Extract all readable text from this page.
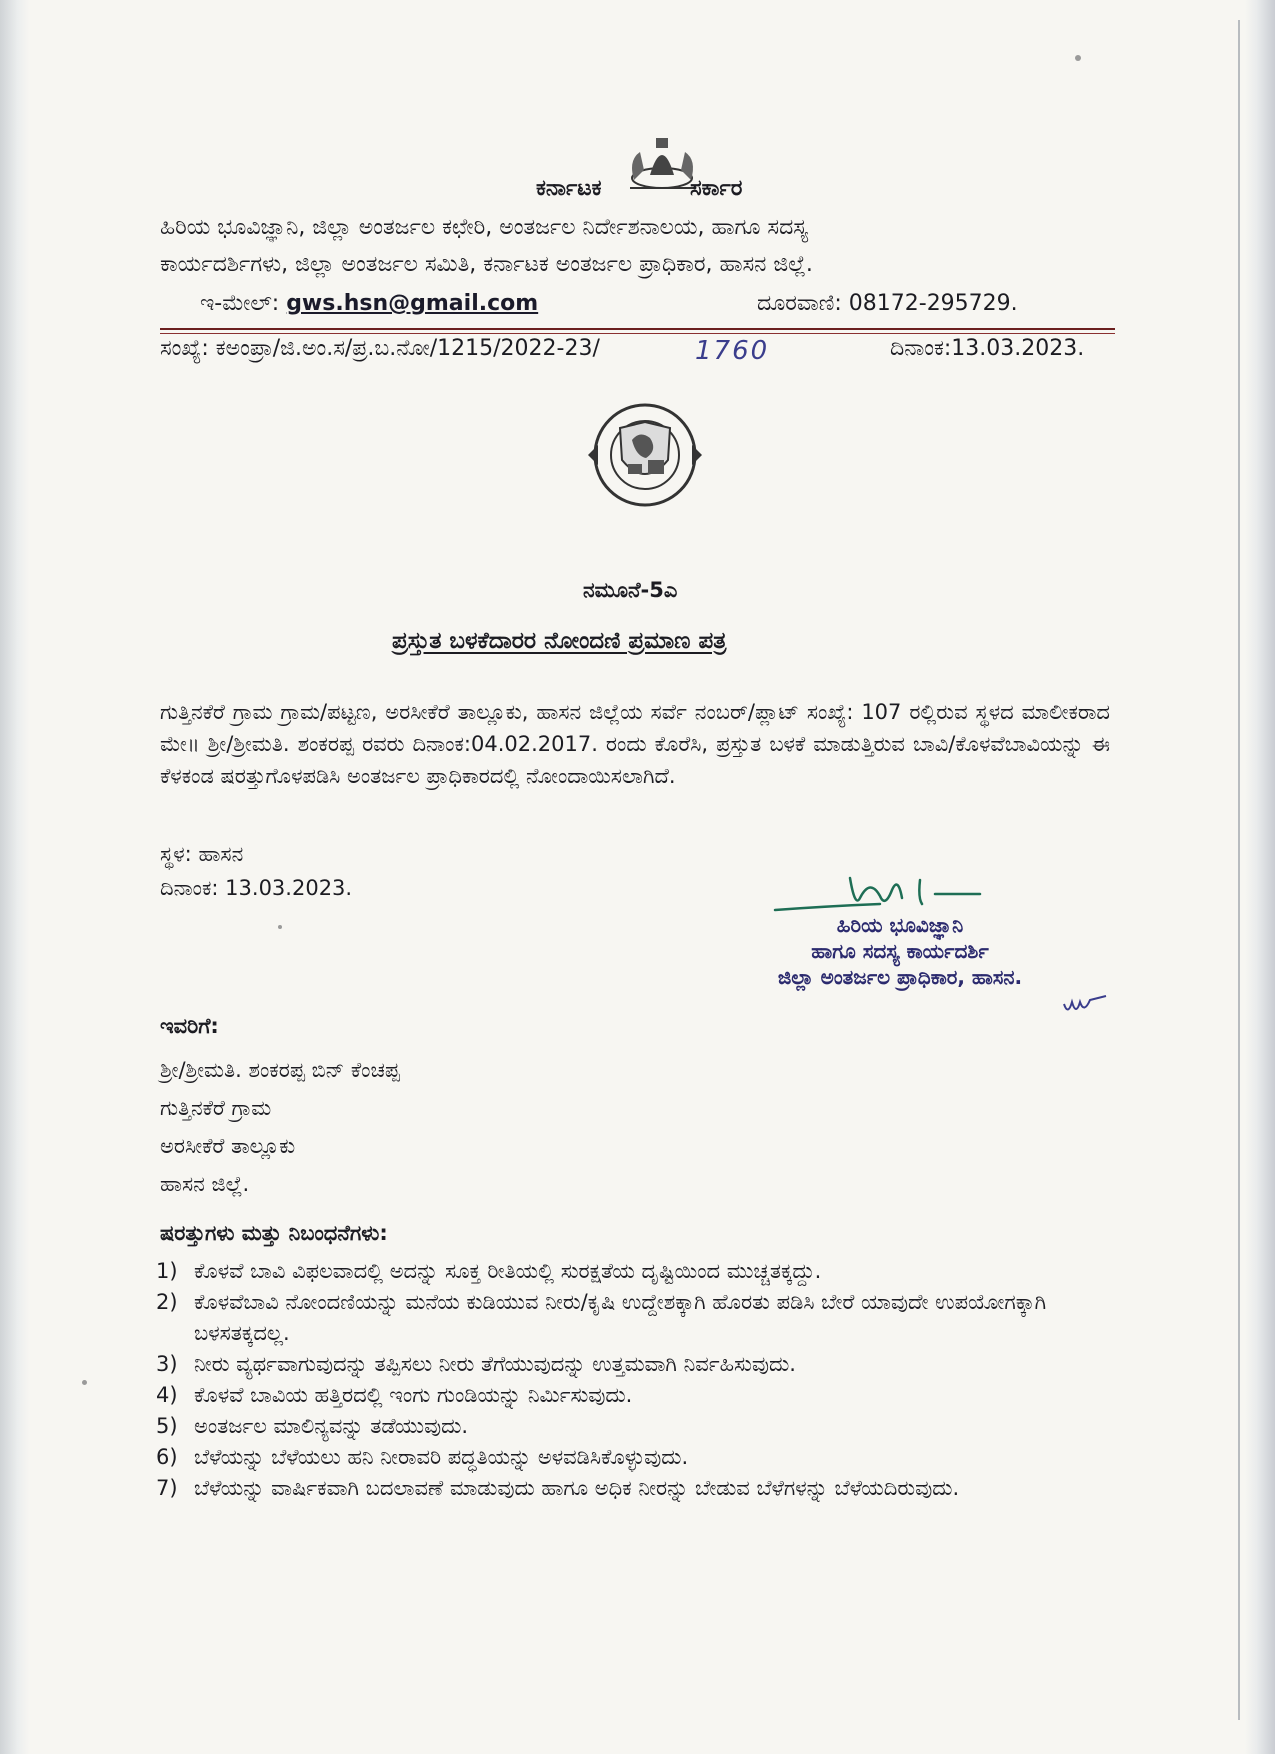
ಕರ್ನಾಟಕ	ಸರ್ಕಾರ
ಹಿರಿಯ ಭೂವಿಜ್ಞಾನಿ, ಜಿಲ್ಲಾ ಅಂತರ್ಜಲ ಕಛೇರಿ, ಅಂತರ್ಜಲ ನಿರ್ದೇಶನಾಲಯ, ಹಾಗೂ ಸದಸ್ಯ
ಕಾರ್ಯದರ್ಶಿಗಳು, ಜಿಲ್ಲಾ ಅಂತರ್ಜಲ ಸಮಿತಿ, ಕರ್ನಾಟಕ ಅಂತರ್ಜಲ ಪ್ರಾಧಿಕಾರ, ಹಾಸನ ಜಿಲ್ಲೆ.
ಇ-ಮೇಲ್: gws.hsn@gmail.com	ದೂರವಾಣಿ: 08172-295729.
ಸಂಖ್ಯೆ: ಕಅಂಪ್ರಾ/ಜಿ.ಅಂ.ಸ/ಪ್ರ.ಬ.ನೋ/1215/2022-23/	1760	ದಿನಾಂಕ:13.03.2023.
ನಮೂನೆ-5ಎ
ಪ್ರಸ್ತುತ ಬಳಕೆದಾರರ ನೋಂದಣಿ ಪ್ರಮಾಣ ಪತ್ರ
ಗುತ್ತಿನಕೆರೆ ಗ್ರಾಮ ಗ್ರಾಮ/ಪಟ್ಟಣ, ಅರಸೀಕೆರೆ ತಾಲ್ಲೂಕು, ಹಾಸನ ಜಿಲ್ಲೆಯ ಸರ್ವೆ ನಂಬರ್/ಪ್ಲಾಟ್ ಸಂಖ್ಯೆ: 107 ರಲ್ಲಿರುವ ಸ್ಥಳದ ಮಾಲೀಕರಾದ ಮೇ॥ ಶ್ರೀ/ಶ್ರೀಮತಿ. ಶಂಕರಪ್ಪ ರವರು ದಿನಾಂಕ:04.02.2017. ರಂದು ಕೊರೆಸಿ, ಪ್ರಸ್ತುತ ಬಳಕೆ ಮಾಡುತ್ತಿರುವ ಬಾವಿ/ಕೊಳವೆಬಾವಿಯನ್ನು ಈ ಕೆಳಕಂಡ ಷರತ್ತುಗೊಳಪಡಿಸಿ ಅಂತರ್ಜಲ ಪ್ರಾಧಿಕಾರದಲ್ಲಿ ನೋಂದಾಯಿಸಲಾಗಿದೆ.
ಸ್ಥಳ: ಹಾಸನ
ದಿನಾಂಕ: 13.03.2023.
ಹಿರಿಯ ಭೂವಿಜ್ಞಾನಿ
ಹಾಗೂ ಸದಸ್ಯ ಕಾರ್ಯದರ್ಶಿ
ಜಿಲ್ಲಾ ಅಂತರ್ಜಲ ಪ್ರಾಧಿಕಾರ, ಹಾಸನ.
ಇವರಿಗೆ:
ಶ್ರೀ/ಶ್ರೀಮತಿ. ಶಂಕರಪ್ಪ ಬಿನ್ ಕೆಂಚಪ್ಪ
ಗುತ್ತಿನಕೆರೆ ಗ್ರಾಮ
ಅರಸೀಕೆರೆ ತಾಲ್ಲೂಕು
ಹಾಸನ ಜಿಲ್ಲೆ.
ಷರತ್ತುಗಳು ಮತ್ತು ನಿಬಂಧನೆಗಳು:
1) ಕೊಳವೆ ಬಾವಿ ವಿಫಲವಾದಲ್ಲಿ ಅದನ್ನು ಸೂಕ್ತ ರೀತಿಯಲ್ಲಿ ಸುರಕ್ಷತೆಯ ದೃಷ್ಟಿಯಿಂದ ಮುಚ್ಚತಕ್ಕದ್ದು.
2) ಕೊಳವೆಬಾವಿ ನೋಂದಣಿಯನ್ನು ಮನೆಯ ಕುಡಿಯುವ ನೀರು/ಕೃಷಿ ಉದ್ದೇಶಕ್ಕಾಗಿ ಹೊರತು ಪಡಿಸಿ ಬೇರೆ ಯಾವುದೇ ಉಪಯೋಗಕ್ಕಾಗಿ ಬಳಸತಕ್ಕದಲ್ಲ.
3) ನೀರು ವ್ಯರ್ಥವಾಗುವುದನ್ನು ತಪ್ಪಿಸಲು ನೀರು ತೆಗೆಯುವುದನ್ನು ಉತ್ತಮವಾಗಿ ನಿರ್ವಹಿಸುವುದು.
4) ಕೊಳವೆ ಬಾವಿಯ ಹತ್ತಿರದಲ್ಲಿ ಇಂಗು ಗುಂಡಿಯನ್ನು ನಿರ್ಮಿಸುವುದು.
5) ಅಂತರ್ಜಲ ಮಾಲಿನ್ಯವನ್ನು ತಡೆಯುವುದು.
6) ಬೆಳೆಯನ್ನು ಬೆಳೆಯಲು ಹನಿ ನೀರಾವರಿ ಪದ್ಧತಿಯನ್ನು ಅಳವಡಿಸಿಕೊಳ್ಳುವುದು.
7) ಬೆಳೆಯನ್ನು ವಾರ್ಷಿಕವಾಗಿ ಬದಲಾವಣೆ ಮಾಡುವುದು ಹಾಗೂ ಅಧಿಕ ನೀರನ್ನು ಬೇಡುವ ಬೆಳೆಗಳನ್ನು ಬೆಳೆಯದಿರುವುದು.
